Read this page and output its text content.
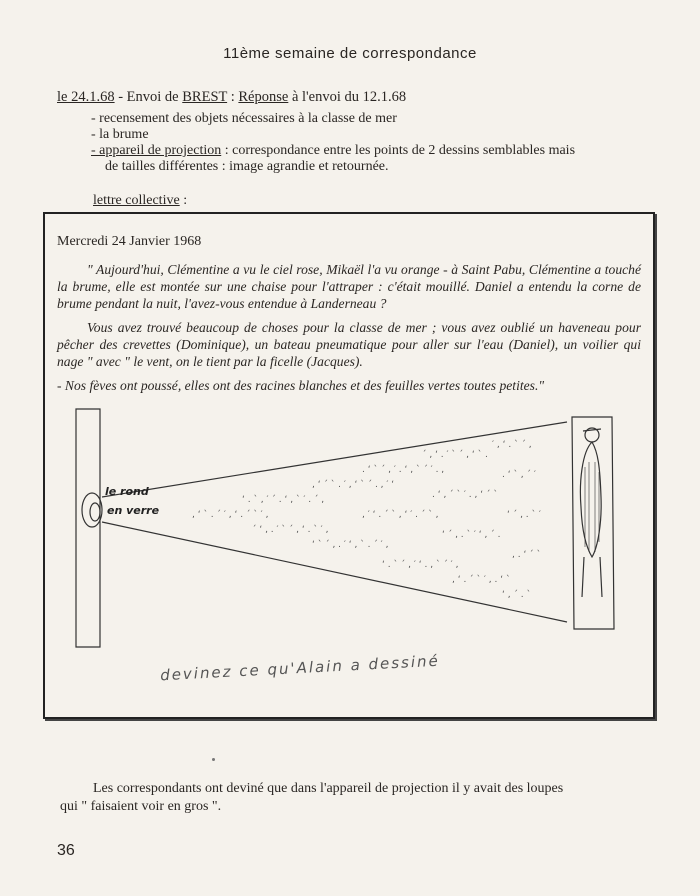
11ème semaine de correspondance
le 24.1.68 - Envoi de BREST : Réponse à l'envoi du 12.1.68
- recensement des objets nécessaires à la classe de mer
- la brume
- appareil de projection : correspondance entre les points de 2 dessins semblables mais
de tailles différentes : image agrandie et retournée.
lettre collective :
Mercredi 24 Janvier 1968

" Aujourd'hui, Clémentine a vu le ciel rose, Mikaël l'a vu orange - à Saint Pabu, Clémentine a touché la brume, elle est montée sur une chaise pour l'attraper : c'était mouillé. Daniel a entendu la corne de brume pendant la nuit, l'avez-vous entendue à Landerneau ?

Vous avez trouvé beaucoup de choses pour la classe de mer ; vous avez oublié un haveneau pour pêcher des crevettes (Dominique), un bateau pneumatique pour aller sur l'eau (Daniel), un voilier qui nage " avec " le vent, on le tient par la ficelle (Jacques).

- Nos fèves ont poussé, elles ont des racines blanches et des feuilles vertes toutes petites."

, ‘ ` . ´ ′ , ‘ . ´ ` ′ ,
‘ . ` , ′ ´ . ‘ , ` ′ . ´ ,
´ ‘ , . ′ ` ´ , ‘ . ` ′ ,
, ‘ ´ ` . ′ , ‘ ` ´ . , ′ ‘
‘ ` ´ , . ′ ‘ , ` . ´ ′ ,
. ‘ ` ´ , ′ . ‘ , ` ´ ′ . ,
, ′ ‘ . ´ ` , ‘ ′ . ´ ` ,
‘ . ` ´ , ′ ‘ . , ` ´ ′ ,
´ , ‘ . ′ ` ´ , ‘ ` .
. ‘ , ´ ` ′ . , ‘ ´ `
‘ ´ , . ` ′ ‘ , ´ .
, ‘ . ´ ` ′ , . ‘ `
′ , ‘ . ` ´ ,
. ‘ ` , ´ ′
‘ ´ , . ` ′
, . ‘ ´ `
‘ , ´ . `
le rond
en verre
devinez ce qu'Alain a dessiné
Les correspondants ont deviné que dans l'appareil de projection il y avait des loupes
qui " faisaient voir en gros ".
36
